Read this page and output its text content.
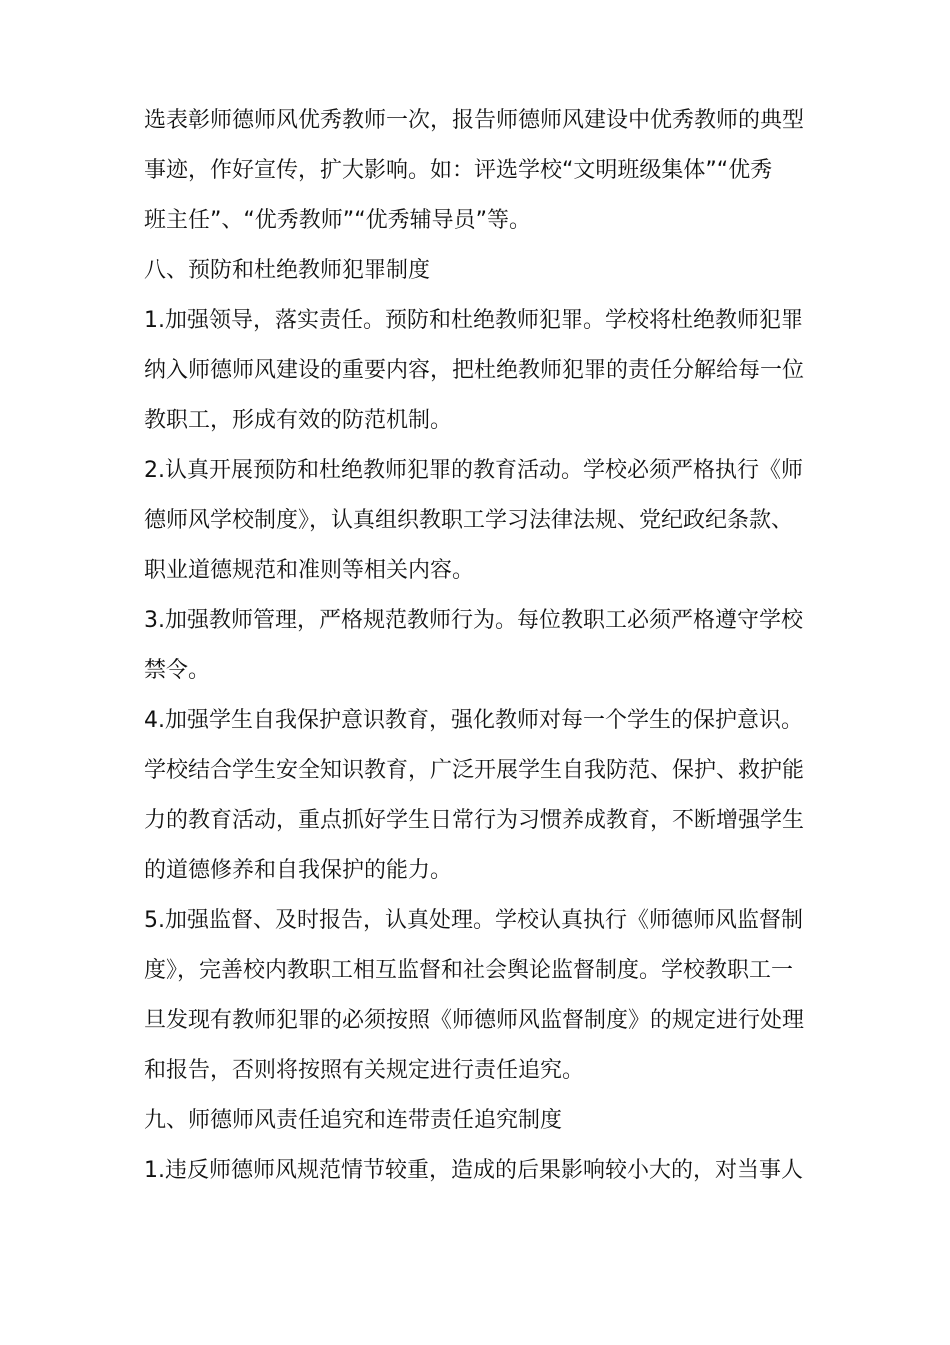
选表彰师德师风优秀教师一次，报告师德师风建设中优秀教师的典型
事迹，作好宣传，扩大影响。如：评选学校“文明班级集体”“优秀
班主任”、“优秀教师”“优秀辅导员”等。
八、预防和杜绝教师犯罪制度
1.加强领导，落实责任。预防和杜绝教师犯罪。学校将杜绝教师犯罪
纳入师德师风建设的重要内容，把杜绝教师犯罪的责任分解给每一位
教职工，形成有效的防范机制。
2.认真开展预防和杜绝教师犯罪的教育活动。学校必须严格执行《师
德师风学校制度》，认真组织教职工学习法律法规、党纪政纪条款、
职业道德规范和准则等相关内容。
3.加强教师管理，严格规范教师行为。每位教职工必须严格遵守学校
禁令。
4.加强学生自我保护意识教育，强化教师对每一个学生的保护意识。
学校结合学生安全知识教育，广泛开展学生自我防范、保护、救护能
力的教育活动，重点抓好学生日常行为习惯养成教育，不断增强学生
的道德修养和自我保护的能力。
5.加强监督、及时报告，认真处理。学校认真执行《师德师风监督制
度》，完善校内教职工相互监督和社会舆论监督制度。学校教职工一
旦发现有教师犯罪的必须按照《师德师风监督制度》的规定进行处理
和报告，否则将按照有关规定进行责任追究。
九、师德师风责任追究和连带责任追究制度
1.违反师德师风规范情节较重，造成的后果影响较小大的，对当事人
